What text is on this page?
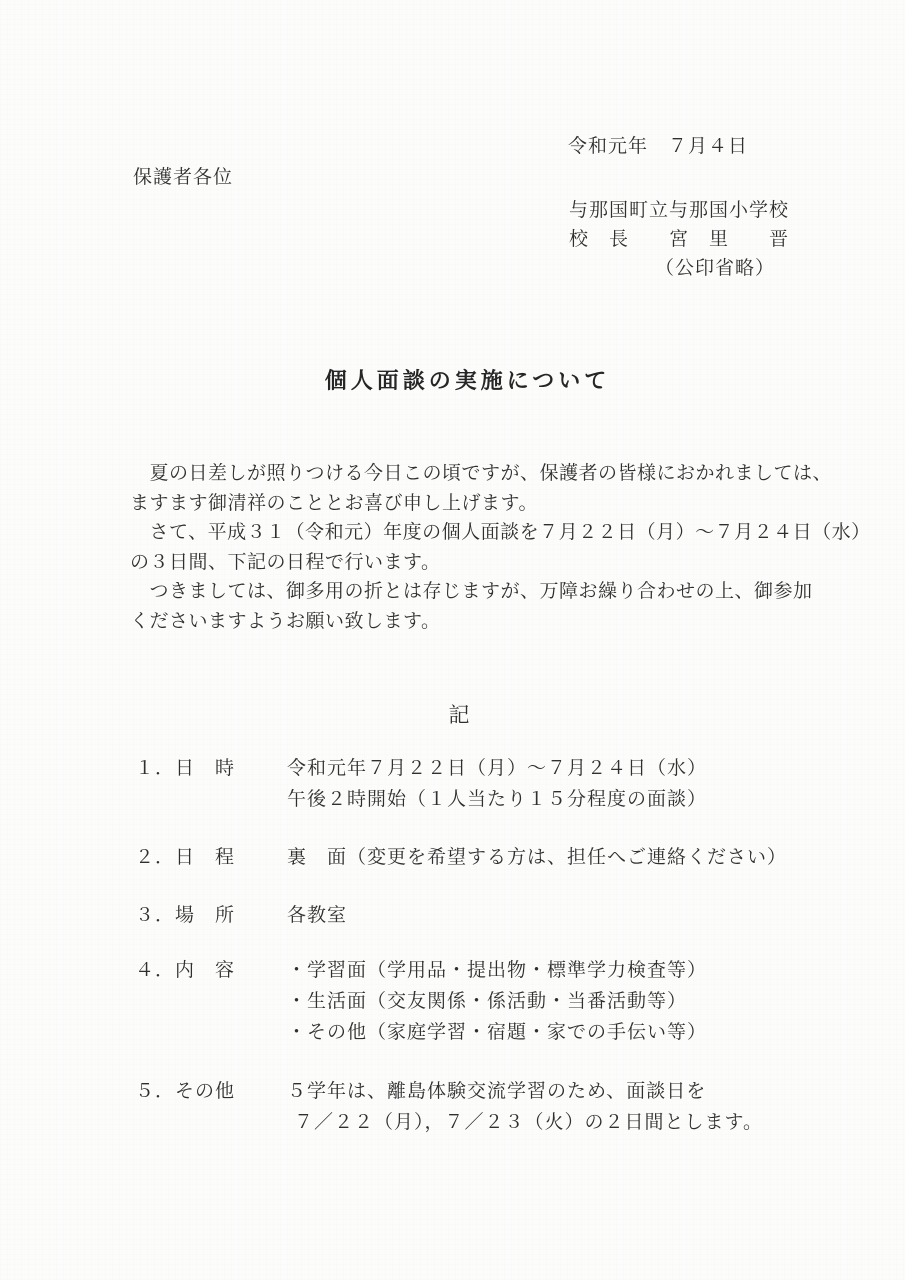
令和元年　７月４日
保護者各位
与那国町立与那国小学校
校　長　　宮　里　　晋
（公印省略）
個人面談の実施について
　夏の日差しが照りつける今日この頃ですが、保護者の皆様におかれましては、
ますます御清祥のこととお喜び申し上げます。
　さて、平成３１（令和元）年度の個人面談を７月２２日（月）～７月２４日（水）
の３日間、下記の日程で行います。
　つきましては、御多用の折とは存じますが、万障お繰り合わせの上、御参加
くださいますようお願い致します。
記
１．日　時	令和元年７月２２日（月）～７月２４日（水）
午後２時開始（１人当たり１５分程度の面談）
２．日　程	裏　面（変更を希望する方は、担任へご連絡ください）
３．場　所	各教室
４．内　容	・学習面（学用品・提出物・標準学力検査等）
・生活面（交友関係・係活動・当番活動等）
・その他（家庭学習・宿題・家での手伝い等）
５．その他	５学年は、離島体験交流学習のため、面談日を
７／２２（月），７／２３（火）の２日間とします。
